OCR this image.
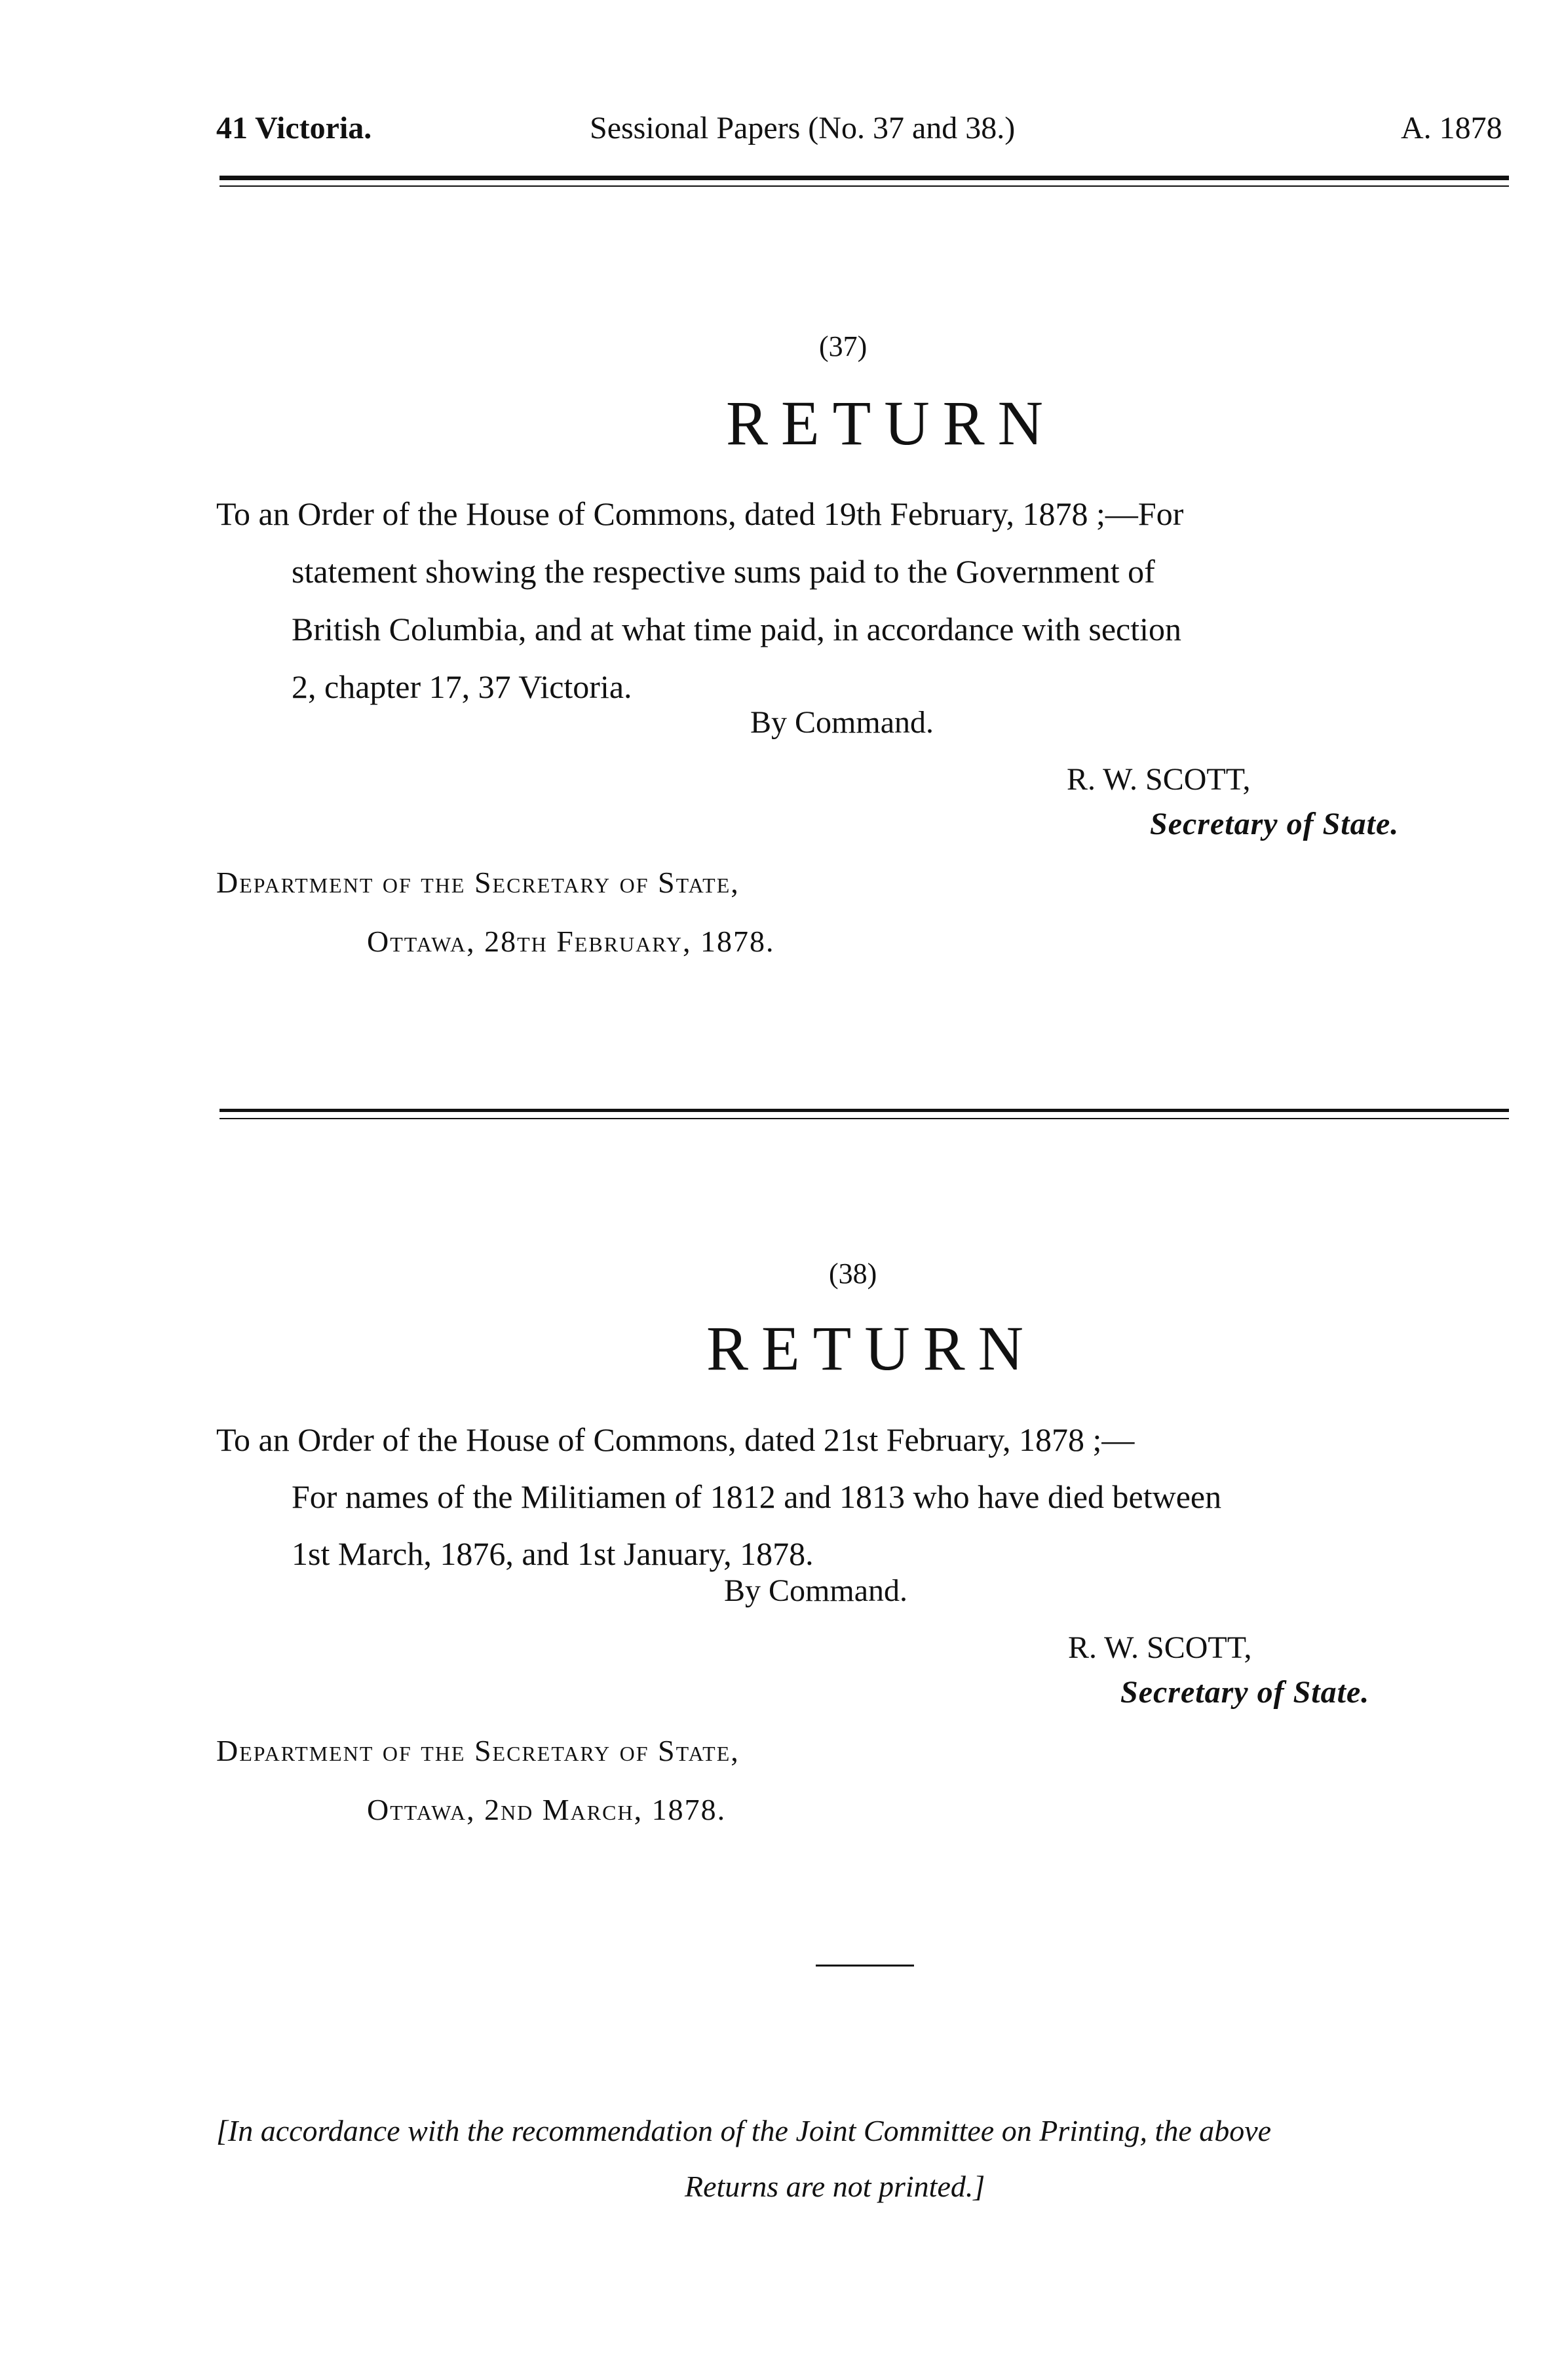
41 Victoria.	Sessional Papers (No. 37 and 38.)	A. 1878
(37)
RETURN
To an Order of the House of Commons, dated 19th February, 1878 ;—For
statement showing the respective sums paid to the Government of
British Columbia, and at what time paid, in accordance with section
2, chapter 17, 37 Victoria.
By Command.
R. W. SCOTT,
Secretary of State.
Department of the Secretary of State,
Ottawa, 28th February, 1878.
(38)
RETURN
To an Order of the House of Commons, dated 21st February, 1878 ;—
For names of the Militiamen of 1812 and 1813 who have died between
1st March, 1876, and 1st January, 1878.
By Command.
R. W. SCOTT,
Secretary of State.
Department of the Secretary of State,
Ottawa, 2nd March, 1878.
[In accordance with the recommendation of the Joint Committee on Printing, the above
Returns are not printed.]
